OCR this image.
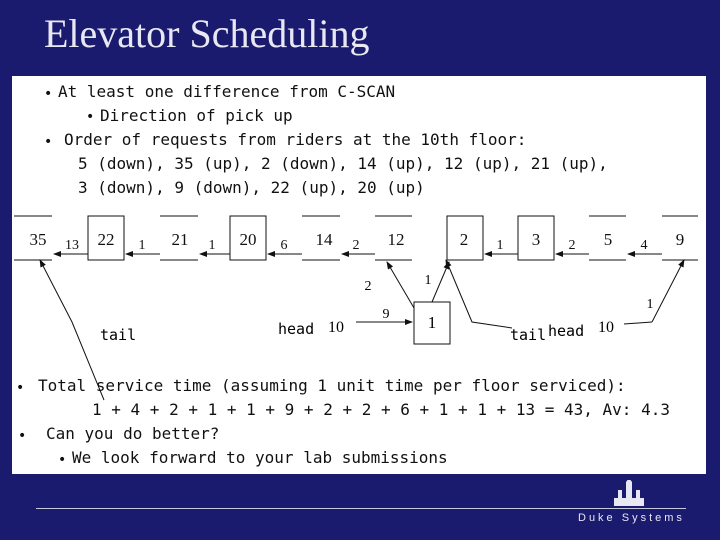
Elevator Scheduling
• At least one difference from C-SCAN
• Direction of pick up
• Order of requests from riders at the 10th floor:
5 (down), 35 (up), 2 (down), 14 (up), 12 (up), 21 (up),
3 (down), 9 (down), 22 (up), 20 (up)
35	22	21	20	14	12	2	3	5	9
13	1	1	6	2	1	2	4
1
2
9
1
1
tail	head 10	tail head 10
• Total service time (assuming 1 unit time per floor serviced):
1 + 4 + 2 + 1 + 1 + 9 + 2 + 2 + 6 + 1 + 1 + 13 = 43, Av: 4.3
• Can you do better?
• We look forward to your lab submissions
Duke Systems
